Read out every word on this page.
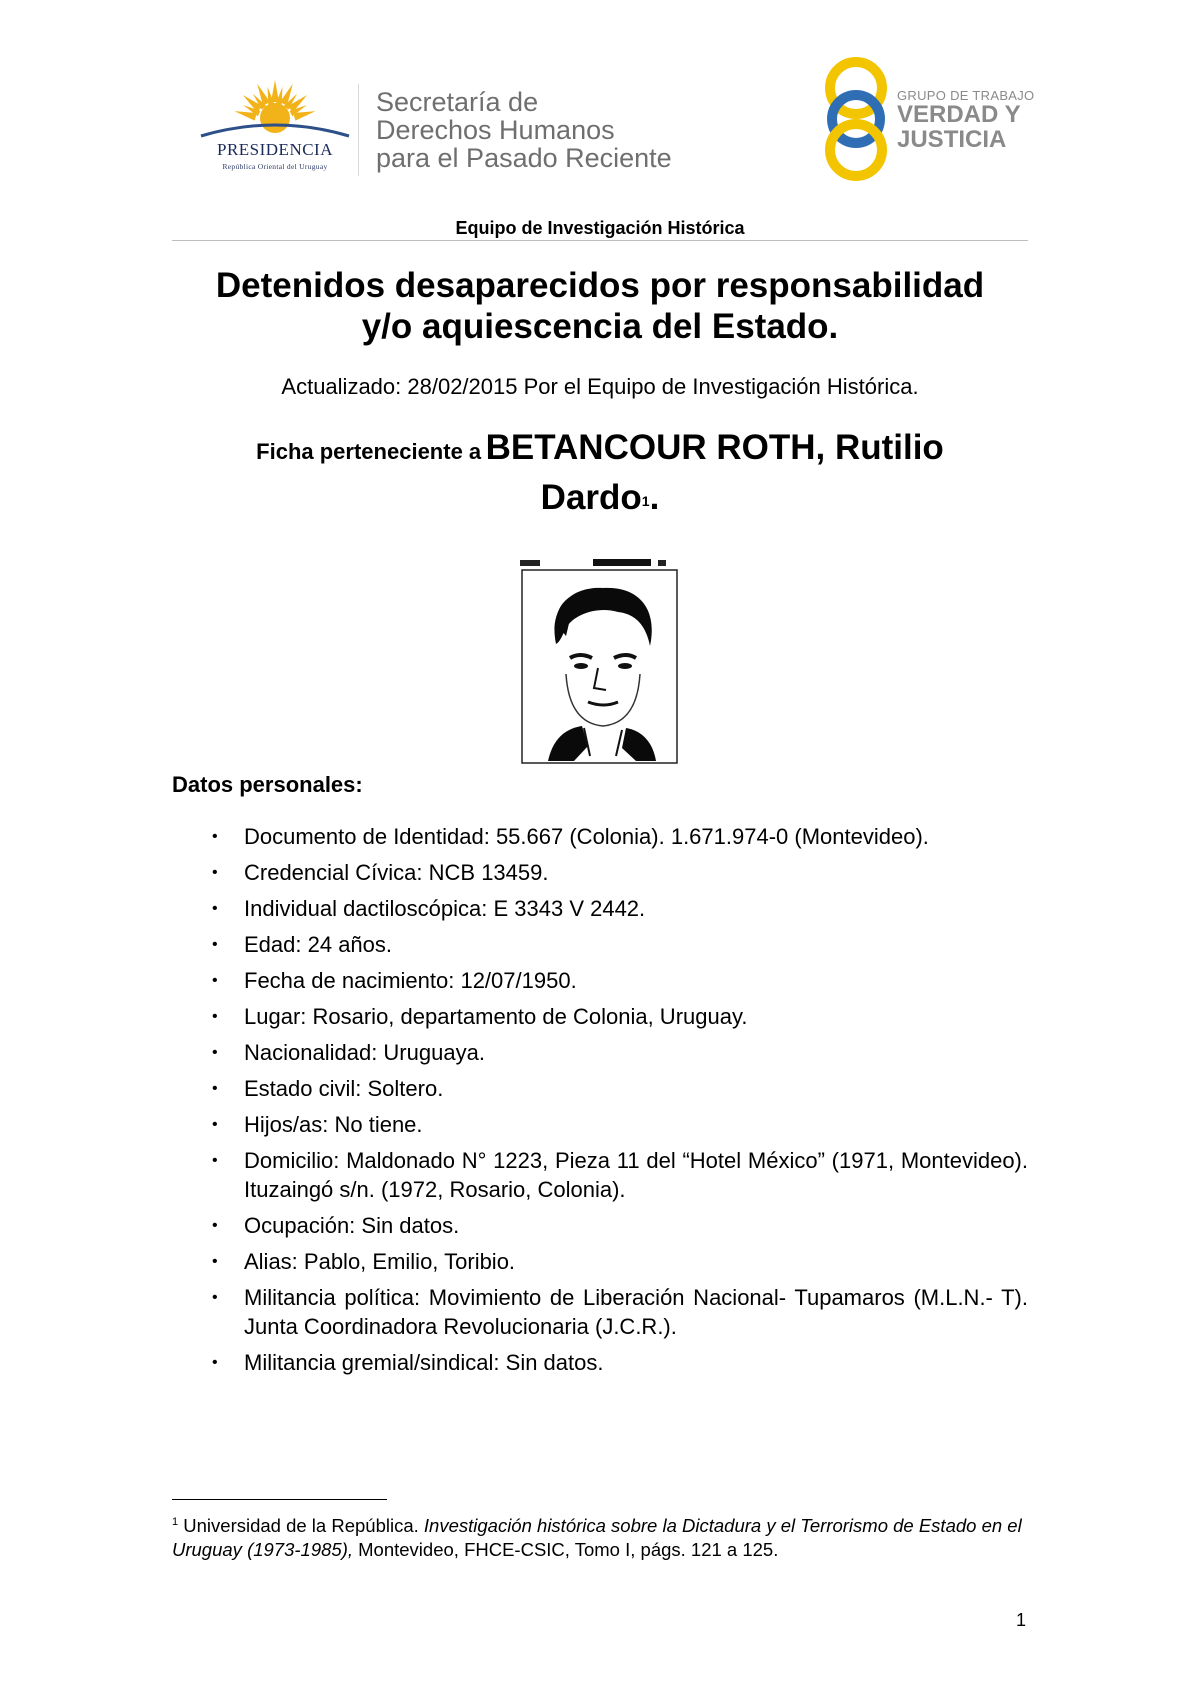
PRESIDENCIA
República Oriental del Uruguay
Secretaría de
Derechos Humanos
para el Pasado Reciente
GRUPO DE TRABAJO
VERDAD Y
JUSTICIA
Equipo de Investigación Histórica
Detenidos desaparecidos por responsabilidad
y/o aquiescencia del Estado.
Actualizado: 28/02/2015 Por el Equipo de Investigación Histórica.
Ficha perteneciente a BETANCOUR ROTH, Rutilio
Dardo$^1$.
Datos personales:
• Documento de Identidad: 55.667 (Colonia). 1.671.974-0 (Montevideo).
• Credencial Cívica: NCB 13459.
• Individual dactiloscópica: E 3343 V 2442.
• Edad: 24 años.
• Fecha de nacimiento: 12/07/1950.
• Lugar: Rosario, departamento de Colonia, Uruguay.
• Nacionalidad: Uruguaya.
• Estado civil: Soltero.
• Hijos/as: No tiene.
• Domicilio: Maldonado N° 1223, Pieza 11 del “Hotel México” (1971, Montevideo). Ituzaingó s/n. (1972, Rosario, Colonia).
• Ocupación: Sin datos.
• Alias: Pablo, Emilio, Toribio.
• Militancia política: Movimiento de Liberación Nacional- Tupamaros (M.L.N.- T). Junta Coordinadora Revolucionaria (J.C.R.).
• Militancia gremial/sindical: Sin datos.
$^1$ Universidad de la República. Investigación histórica sobre la Dictadura y el Terrorismo de Estado en el Uruguay (1973-1985), Montevideo, FHCE-CSIC, Tomo I, págs. 121 a 125.
1
